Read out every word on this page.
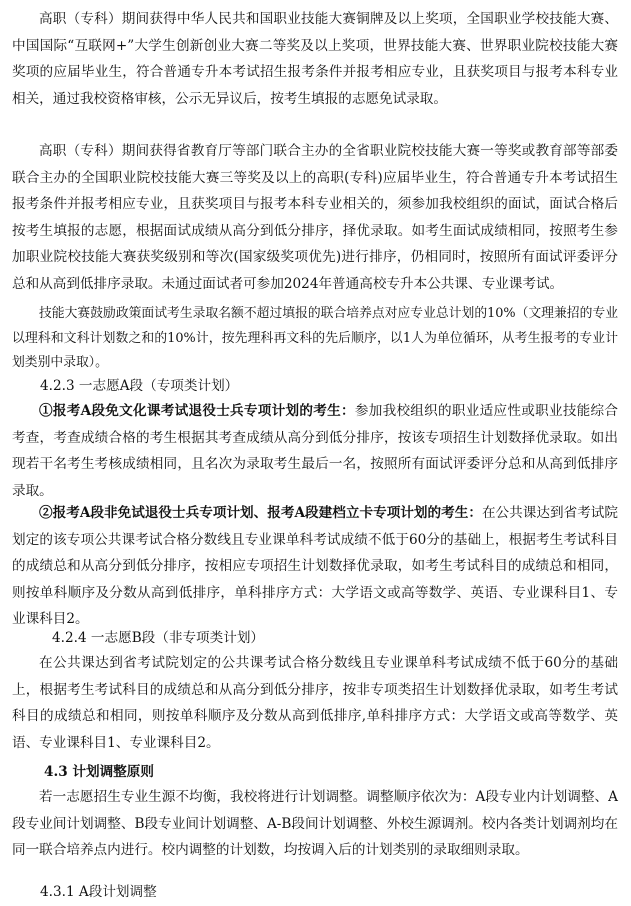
高职（专科）期间获得中华人民共和国职业技能大赛铜牌及以上奖项，全国职业学校技能大赛、中国国际“互联网+”大学生创新创业大赛二等奖及以上奖项，世界技能大赛、世界职业院校技能大赛奖项的应届毕业生，符合普通专升本考试招生报考条件并报考相应专业，且获奖项目与报考本科专业相关，通过我校资格审核，公示无异议后，按考生填报的志愿免试录取。

高职（专科）期间获得省教育厅等部门联合主办的全省职业院校技能大赛一等奖或教育部等部委联合主办的全国职业院校技能大赛三等奖及以上的高职(专科)应届毕业生，符合普通专升本考试招生报考条件并报考相应专业，且获奖项目与报考本科专业相关的，须参加我校组织的面试，面试合格后按考生填报的志愿，根据面试成绩从高分到低分排序，择优录取。如考生面试成绩相同，按照考生参加职业院校技能大赛获奖级别和等次(国家级奖项优先)进行排序，仍相同时，按照所有面试评委评分总和从高到低排序录取。未通过面试者可参加2024年普通高校专升本公共课、专业课考试。

技能大赛鼓励政策面试考生录取名额不超过填报的联合培养点对应专业总计划的10%（文理兼招的专业以理科和文科计划数之和的10%计，按先理科再文科的先后顺序，以1人为单位循环，从考生报考的专业计划类别中录取）。

4.2.3 一志愿A段（专项类计划）

①报考A段免文化课考试退役士兵专项计划的考生：参加我校组织的职业适应性或职业技能综合考查，考查成绩合格的考生根据其考查成绩从高分到低分排序，按该专项招生计划数择优录取。如出现若干名考生考核成绩相同，且名次为录取考生最后一名，按照所有面试评委评分总和从高到低排序录取。

②报考A段非免试退役士兵专项计划、报考A段建档立卡专项计划的考生：在公共课达到省考试院划定的该专项公共课考试合格分数线且专业课单科考试成绩不低于60分的基础上，根据考生考试科目的成绩总和从高分到低分排序，按相应专项招生计划数择优录取，如考生考试科目的成绩总和相同，则按单科顺序及分数从高到低排序，单科排序方式：大学语文或高等数学、英语、专业课科目1、专业课科目2。

4.2.4 一志愿B段（非专项类计划）

在公共课达到省考试院划定的公共课考试合格分数线且专业课单科考试成绩不低于60分的基础上，根据考生考试科目的成绩总和从高分到低分排序，按非专项类招生计划数择优录取，如考生考试科目的成绩总和相同，则按单科顺序及分数从高到低排序,单科排序方式：大学语文或高等数学、英语、专业课科目1、专业课科目2。

4.3 计划调整原则

若一志愿招生专业生源不均衡，我校将进行计划调整。调整顺序依次为：A段专业内计划调整、A段专业间计划调整、B段专业间计划调整、A-B段间计划调整、外校生源调剂。校内各类计划调剂均在同一联合培养点内进行。校内调整的计划数，均按调入后的计划类别的录取细则录取。

4.3.1 A段计划调整
